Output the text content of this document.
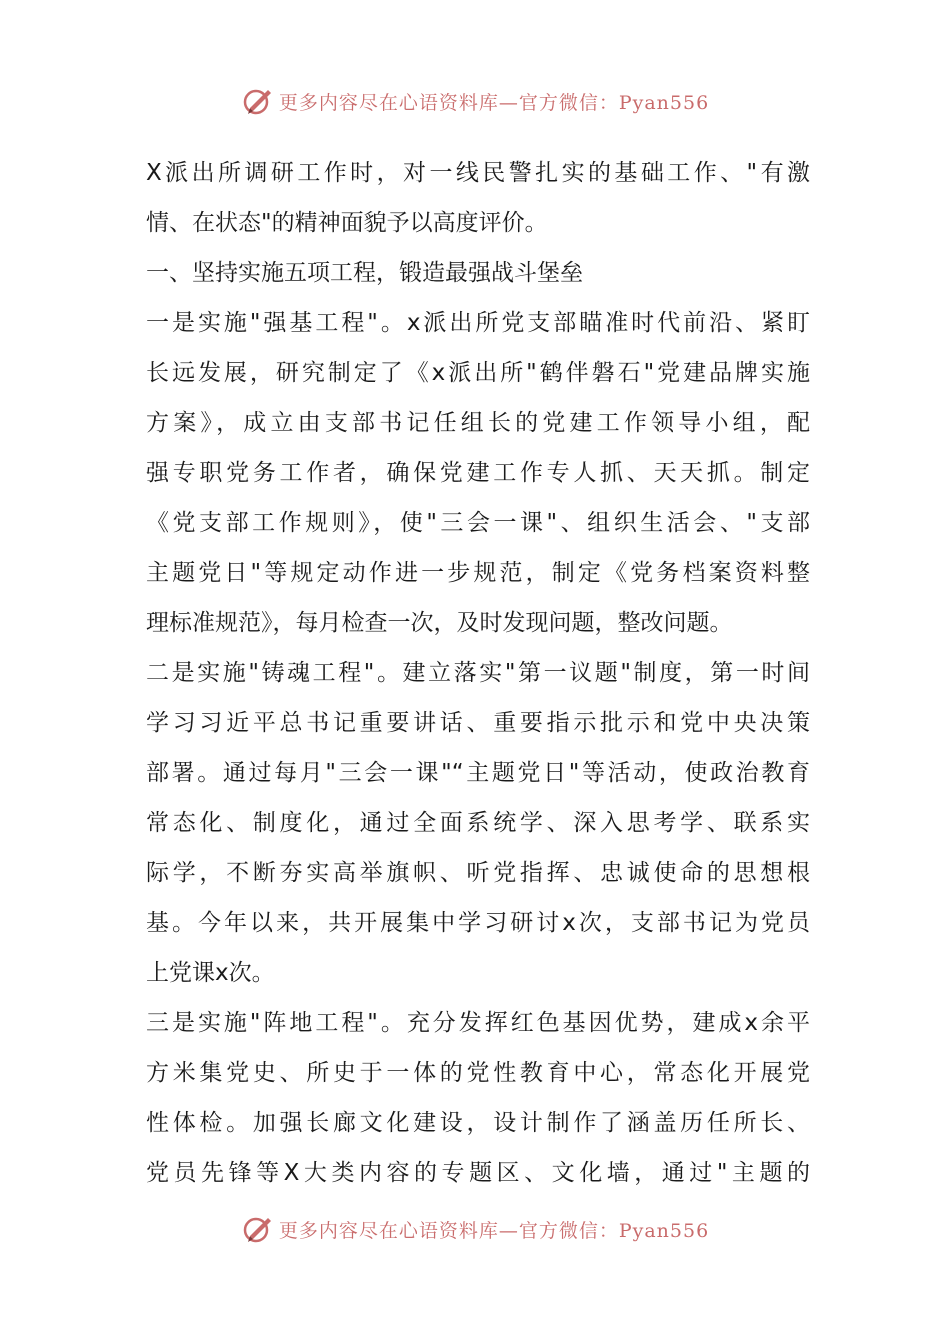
更多内容尽在心语资料库—官方微信：Pyan556
X派出所调研工作时，对一线民警扎实的基础工作、"有激
情、在状态"的精神面貌予以高度评价。
一、坚持实施五项工程，锻造最强战斗堡垒
一是实施"强基工程"。x派出所党支部瞄准时代前沿、紧盯
长远发展，研究制定了《x派出所"鹤伴磐石"党建品牌实施
方案》，成立由支部书记任组长的党建工作领导小组，配
强专职党务工作者，确保党建工作专人抓、天天抓。制定
《党支部工作规则》，使"三会一课"、组织生活会、"支部
主题党日"等规定动作进一步规范，制定《党务档案资料整
理标准规范》，每月检查一次，及时发现问题，整改问题。
二是实施"铸魂工程"。建立落实"第一议题"制度，第一时间
学习习近平总书记重要讲话、重要指示批示和党中央决策
部署。通过每月"三会一课"“主题党日"等活动，使政治教育
常态化、制度化，通过全面系统学、深入思考学、联系实
际学，不断夯实高举旗帜、听党指挥、忠诚使命的思想根
基。今年以来，共开展集中学习研讨x次，支部书记为党员
上党课x次。
三是实施"阵地工程"。充分发挥红色基因优势，建成x余平
方米集党史、所史于一体的党性教育中心，常态化开展党
性体检。加强长廊文化建设，设计制作了涵盖历任所长、
党员先锋等X大类内容的专题区、文化墙，通过"主题的
更多内容尽在心语资料库—官方微信：Pyan556
